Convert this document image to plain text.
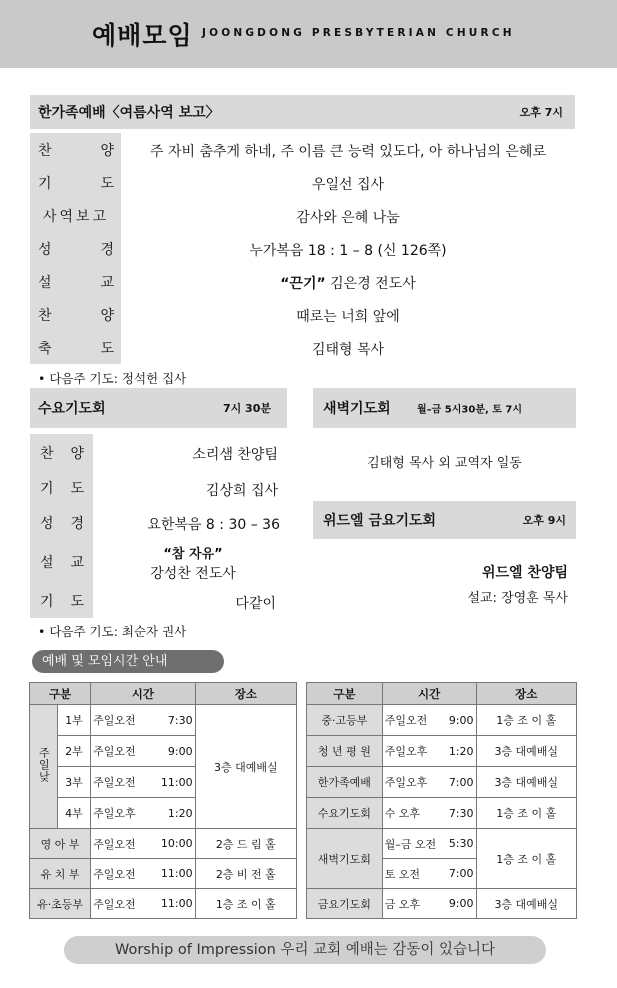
예배모임 JOONGDONG PRESBYTERIAN CHURCH
한가족예배〈여름사역 보고〉	오후 7시
찬	양	주 자비 춤추게 하네, 주 이름 큰 능력 있도다, 아 하나님의 은혜로
기	도	우일선 집사
사역보고	감사와 은혜 나눔
성	경	누가복음 18 : 1 – 8 (신 126쪽)
설	교	“끈기” 김은경 전도사
찬	양	때로는 너희 앞에
축	도	김태형 목사
• 다음주 기도: 정석헌 집사
수요기도회	7시 30분
찬 양	소리샘 찬양팀
기 도	김상희 집사
성 경	요한복음 8 : 30 – 36
설 교	“참 자유”
강성찬 전도사
기 도	다같이
• 다음주 기도: 최순자 권사
새벽기도회	월–금 5시30분, 토 7시
김태형 목사 외 교역자 일동
위드엘 금요기도회	오후 9시
위드엘 찬양팀
설교: 장영훈 목사
예배 및 모임시간 안내
구분		시간		장소
주일낮	1부	주일오전	7:30	3층 대예배실
	2부	주일오전	9:00	
	3부	주일오전	11:00	
	4부	주일오후	1:20	
영 아 부		주일오전	10:00	2층 드 림 홀
유 치 부		주일오전	11:00	2층 비 전 홀
유·초등부		주일오전	11:00	1층 조 이 홀
구분	시간		장소
중·고등부	주일오전	9:00	1층 조 이 홀
청 년 평 원	주일오후	1:20	3층 대예배실
한가족예배	주일오후	7:00	3층 대예배실
수요기도회	수 오후	7:30	1층 조 이 홀
새벽기도회	월–금 오전	5:30	1층 조 이 홀
	토 오전	7:00	
금요기도회	금 오후	9:00	3층 대예배실
Worship of Impression 우리 교회 예배는 감동이 있습니다
